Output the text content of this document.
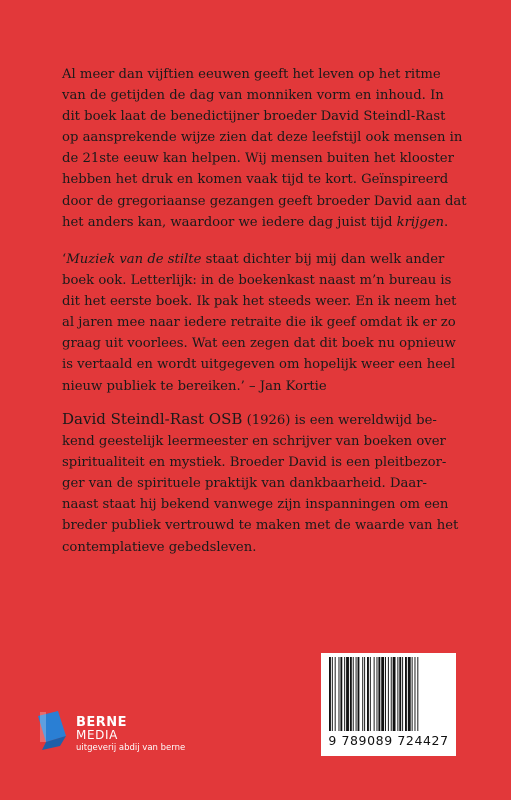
Al meer dan vijftien eeuwen geeft het leven op het ritme
van de getijden de dag van monniken vorm en inhoud. In
dit boek laat de benedictijner broeder David Steindl-Rast
op aansprekende wijze zien dat deze leefstijl ook mensen in
de 21ste eeuw kan helpen. Wij mensen buiten het klooster
hebben het druk en komen vaak tijd te kort. Geïnspireerd
door de gregoriaanse gezangen geeft broeder David aan dat
het anders kan, waardoor we iedere dag juist tijd krijgen.
‘Muziek van de stilte staat dichter bij mij dan welk ander
boek ook. Letterlijk: in de boekenkast naast m’n bureau is
dit het eerste boek. Ik pak het steeds weer. En ik neem het
al jaren mee naar iedere retraite die ik geef omdat ik er zo
graag uit voorlees. Wat een zegen dat dit boek nu opnieuw
is vertaald en wordt uitgegeven om hopelijk weer een heel
nieuw publiek te bereiken.’ – Jan Kortie
David Steindl-Rast OSB (1926) is een wereldwijd be-
kend geestelijk leermeester en schrijver van boeken over
spiritualiteit en mystiek. Broeder David is een pleitbezor-
ger van de spirituele praktijk van dankbaarheid. Daar-
naast staat hij bekend vanwege zijn inspanningen om een
breder publiek vertrouwd te maken met de waarde van het
contemplatieve gebedsleven.
9 789089 724427
BERNE
MEDIA
uitgeverij abdij van berne
